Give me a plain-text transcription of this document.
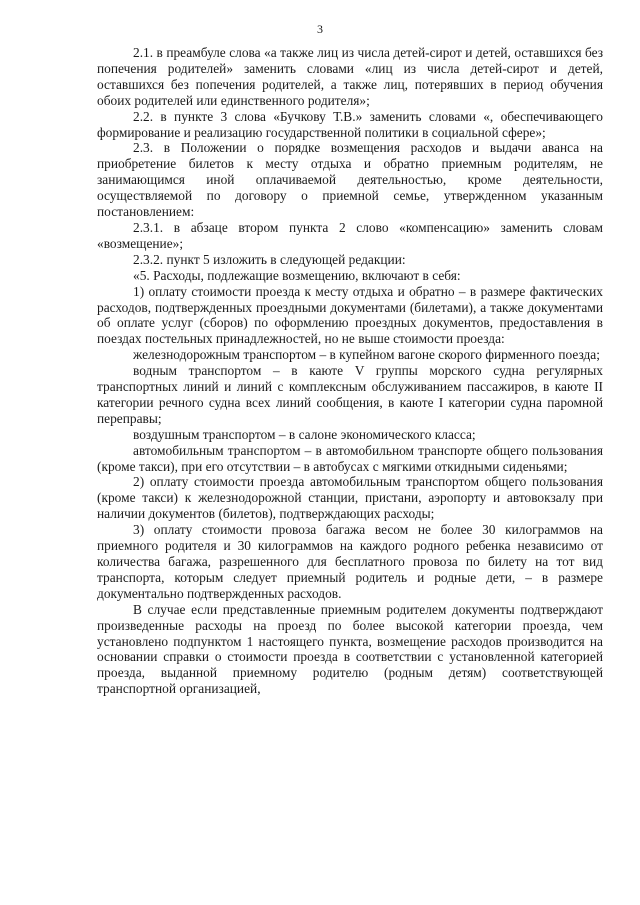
3

2.1. в преамбуле слова «а также лиц из числа детей-сирот и детей, оставшихся без попечения родителей» заменить словами «лиц из числа детей-сирот и детей, оставшихся без попечения родителей, а также лиц, потерявших в период обучения обоих родителей или единственного родителя»;

2.2. в пункте 3 слова «Бучкову Т.В.» заменить словами «, обеспечивающего формирование и реализацию государственной политики в социальной сфере»;

2.3. в Положении о порядке возмещения расходов и выдачи аванса на приобретение билетов к месту отдыха и обратно приемным родителям, не занимающимся иной оплачиваемой деятельностью, кроме деятельности, осуществляемой по договору о приемной семье, утвержденном указанным постановлением:

2.3.1. в абзаце втором пункта 2 слово «компенсацию» заменить словам «возмещение»;

2.3.2. пункт 5 изложить в следующей редакции:

«5. Расходы, подлежащие возмещению, включают в себя:

1) оплату стоимости проезда к месту отдыха и обратно – в размере фактических расходов, подтвержденных проездными документами (билетами), а также документами об оплате услуг (сборов) по оформлению проездных документов, предоставления в поездах постельных принадлежностей, но не выше стоимости проезда:

железнодорожным транспортом – в купейном вагоне скорого фирменного поезда;

водным транспортом – в каюте V группы морского судна регулярных транспортных линий и линий с комплексным обслуживанием пассажиров, в каюте II категории речного судна всех линий сообщения, в каюте I категории судна паромной переправы;

воздушным транспортом – в салоне экономического класса;

автомобильным транспортом – в автомобильном транспорте общего пользования (кроме такси), при его отсутствии – в автобусах с мягкими откидными сиденьями;

2) оплату стоимости проезда автомобильным транспортом общего пользования (кроме такси) к железнодорожной станции, пристани, аэропорту и автовокзалу при наличии документов (билетов), подтверждающих расходы;

3) оплату стоимости провоза багажа весом не более 30 килограммов на приемного родителя и 30 килограммов на каждого родного ребенка независимо от количества багажа, разрешенного для бесплатного провоза по билету на тот вид транспорта, которым следует приемный родитель и родные дети, – в размере документально подтвержденных расходов.

В случае если представленные приемным родителем документы подтверждают произведенные расходы на проезд по более высокой категории проезда, чем установлено подпунктом 1 настоящего пункта, возмещение расходов производится на основании справки о стоимости проезда в соответствии с установленной категорией проезда, выданной приемному родителю (родным детям) соответствующей транспортной организацией,
